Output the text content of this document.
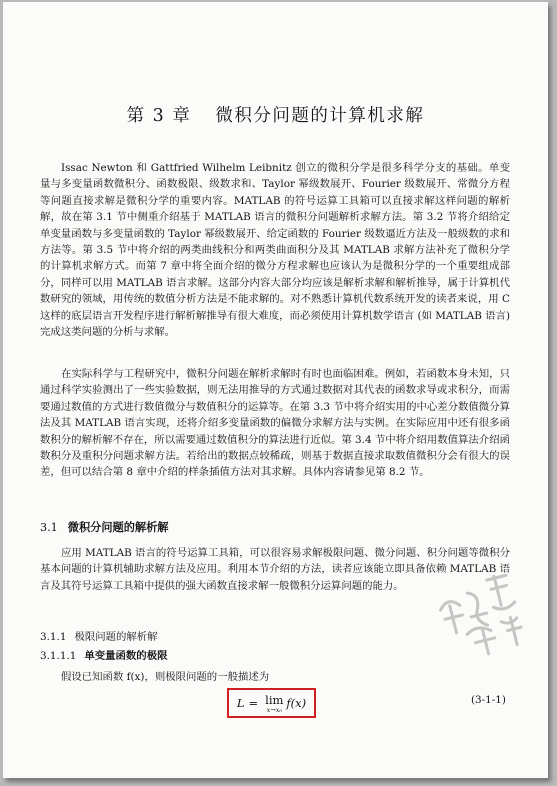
第 3 章 微积分问题的计算机求解
Issac Newton 和 Gattfried Wilhelm Leibnitz 创立的微积分学是很多科学分支的基础。单变量与多变量函数微积分、函数极限、级数求和、Taylor 幂级数展开、Fourier 级数展开、常微分方程等问题直接求解是微积分学的重要内容。MATLAB 的符号运算工具箱可以直接求解这样问题的解析解，故在第 3.1 节中侧重介绍基于 MATLAB 语言的微积分问题解析求解方法。第 3.2 节将介绍给定单变量函数与多变量函数的 Taylor 幂级数展开、给定函数的 Fourier 级数逼近方法及一般级数的求和方法等。第 3.5 节中将介绍的两类曲线积分和两类曲面积分及其 MATLAB 求解方法补充了微积分学的计算机求解方式。而第 7 章中将全面介绍的微分方程求解也应该认为是微积分学的一个重要组成部分，同样可以用 MATLAB 语言求解。这部分内容大部分均应该是解析求解和解析推导，属于计算机代数研究的领域，用传统的数值分析方法是不能求解的。对不熟悉计算机代数系统开发的读者来说，用 C 这样的底层语言开发程序进行解析解推导有很大难度，而必须使用计算机数学语言 (如 MATLAB 语言) 完成这类问题的分析与求解。
在实际科学与工程研究中，微积分问题在解析求解时有时也面临困难。例如，若函数本身未知，只通过科学实验测出了一些实验数据，则无法用推导的方式通过数据对其代表的函数求导或求积分，而需要通过数值的方式进行数值微分与数值积分的运算等。在第 3.3 节中将介绍实用的中心差分数值微分算法及其 MATLAB 语言实现，还将介绍多变量函数的偏微分求解方法与实例。在实际应用中还有很多函数积分的解析解不存在，所以需要通过数值积分的算法进行近似。第 3.4 节中将介绍用数值算法介绍函数积分及重积分问题求解方法。若给出的数据点较稀疏，则基于数据直接求取数值微积分会有很大的误差，但可以结合第 8 章中介绍的样条插值方法对其求解。具体内容请参见第 8.2 节。
3.1 微积分问题的解析解
应用 MATLAB 语言的符号运算工具箱，可以很容易求解极限问题、微分问题、积分问题等微积分基本问题的计算机辅助求解方法及应用。利用本节介绍的方法，读者应该能立即具备依赖 MATLAB 语言及其符号运算工具箱中提供的强大函数直接求解一般微积分运算问题的能力。
3.1.1 极限问题的解析解
3.1.1.1 单变量函数的极限
假设已知函数 f(x)，则极限问题的一般描述为
L = lim
x→x₀ f(x)	(3-1-1)
